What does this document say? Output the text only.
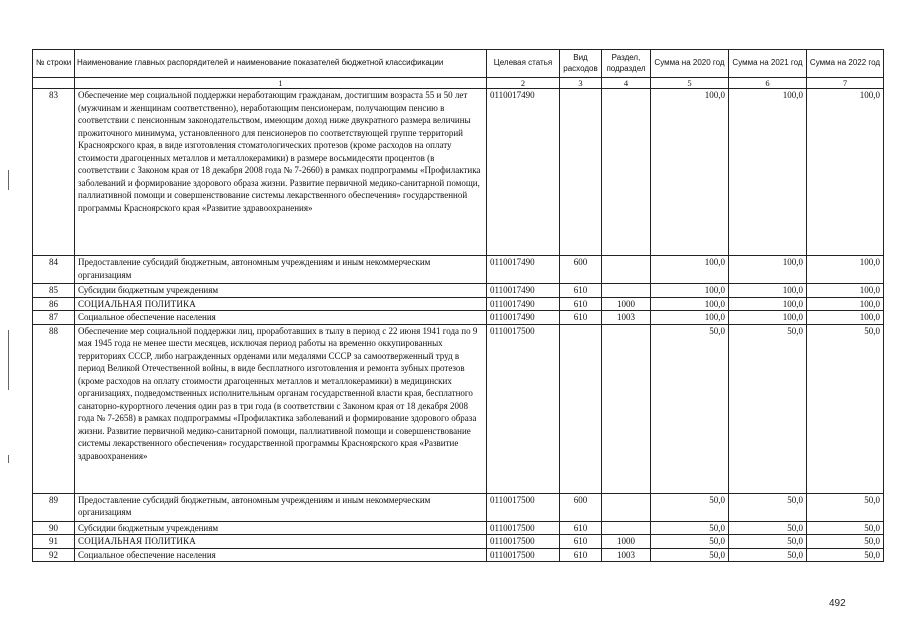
№ строки	Наименование главных распорядителей и наименование показателей бюджетной классификации	Целевая статья	Вид расходов	Раздел, подраздел	Сумма на 2020 год	Сумма на 2021 год	Сумма на 2022 год
	1	2	3	4	5	6	7
83	Обеспечение мер социальной поддержки неработающим гражданам, достигшим возраста 55 и 50 лет (мужчинам и женщинам соответственно), неработающим пенсионерам, получающим пенсию в соответствии с пенсионным законодательством, имеющим доход ниже двукратного размера величины прожиточного минимума, установленного для пенсионеров по соответствующей группе территорий Красноярского края, в виде изготовления стоматологических протезов (кроме расходов на оплату стоимости драгоценных металлов и металлокерамики) в размере восьмидесяти процентов (в соответствии с Законом края от 18 декабря 2008 года № 7-2660) в рамках подпрограммы «Профилактика заболеваний и формирование здорового образа жизни. Развитие первичной медико-санитарной помощи, паллиативной помощи и совершенствование системы лекарственного обеспечения» государственной программы Красноярского края «Развитие здравоохранения»	0110017490			100,0	100,0	100,0
84	Предоставление субсидий бюджетным, автономным учреждениям и иным некоммерческим организациям	0110017490	600		100,0	100,0	100,0
85	Субсидии бюджетным учреждениям	0110017490	610		100,0	100,0	100,0
86	СОЦИАЛЬНАЯ ПОЛИТИКА	0110017490	610	1000	100,0	100,0	100,0
87	Социальное обеспечение населения	0110017490	610	1003	100,0	100,0	100,0
88	Обеспечение мер социальной поддержки лиц, проработавших в тылу в период с 22 июня 1941 года по 9 мая 1945 года не менее шести месяцев, исключая период работы на временно оккупированных территориях СССР, либо награжденных орденами или медалями СССР за самоотверженный труд в период Великой Отечественной войны, в виде бесплатного изготовления и ремонта зубных протезов (кроме расходов на оплату стоимости драгоценных металлов и металлокерамики) в медицинских организациях, подведомственных исполнительным органам государственной власти края, бесплатного санаторно-курортного лечения один раз в три года (в соответствии с Законом края от 18 декабря 2008 года № 7-2658) в рамках подпрограммы «Профилактика заболеваний и формирование здорового образа жизни. Развитие первичной медико-санитарной помощи, паллиативной помощи и совершенствование системы лекарственного обеспечения» государственной программы Красноярского края «Развитие здравоохранения»	0110017500			50,0	50,0	50,0
89	Предоставление субсидий бюджетным, автономным учреждениям и иным некоммерческим организациям	0110017500	600		50,0	50,0	50,0
90	Субсидии бюджетным учреждениям	0110017500	610		50,0	50,0	50,0
91	СОЦИАЛЬНАЯ ПОЛИТИКА	0110017500	610	1000	50,0	50,0	50,0
92	Социальное обеспечение населения	0110017500	610	1003	50,0	50,0	50,0
492
